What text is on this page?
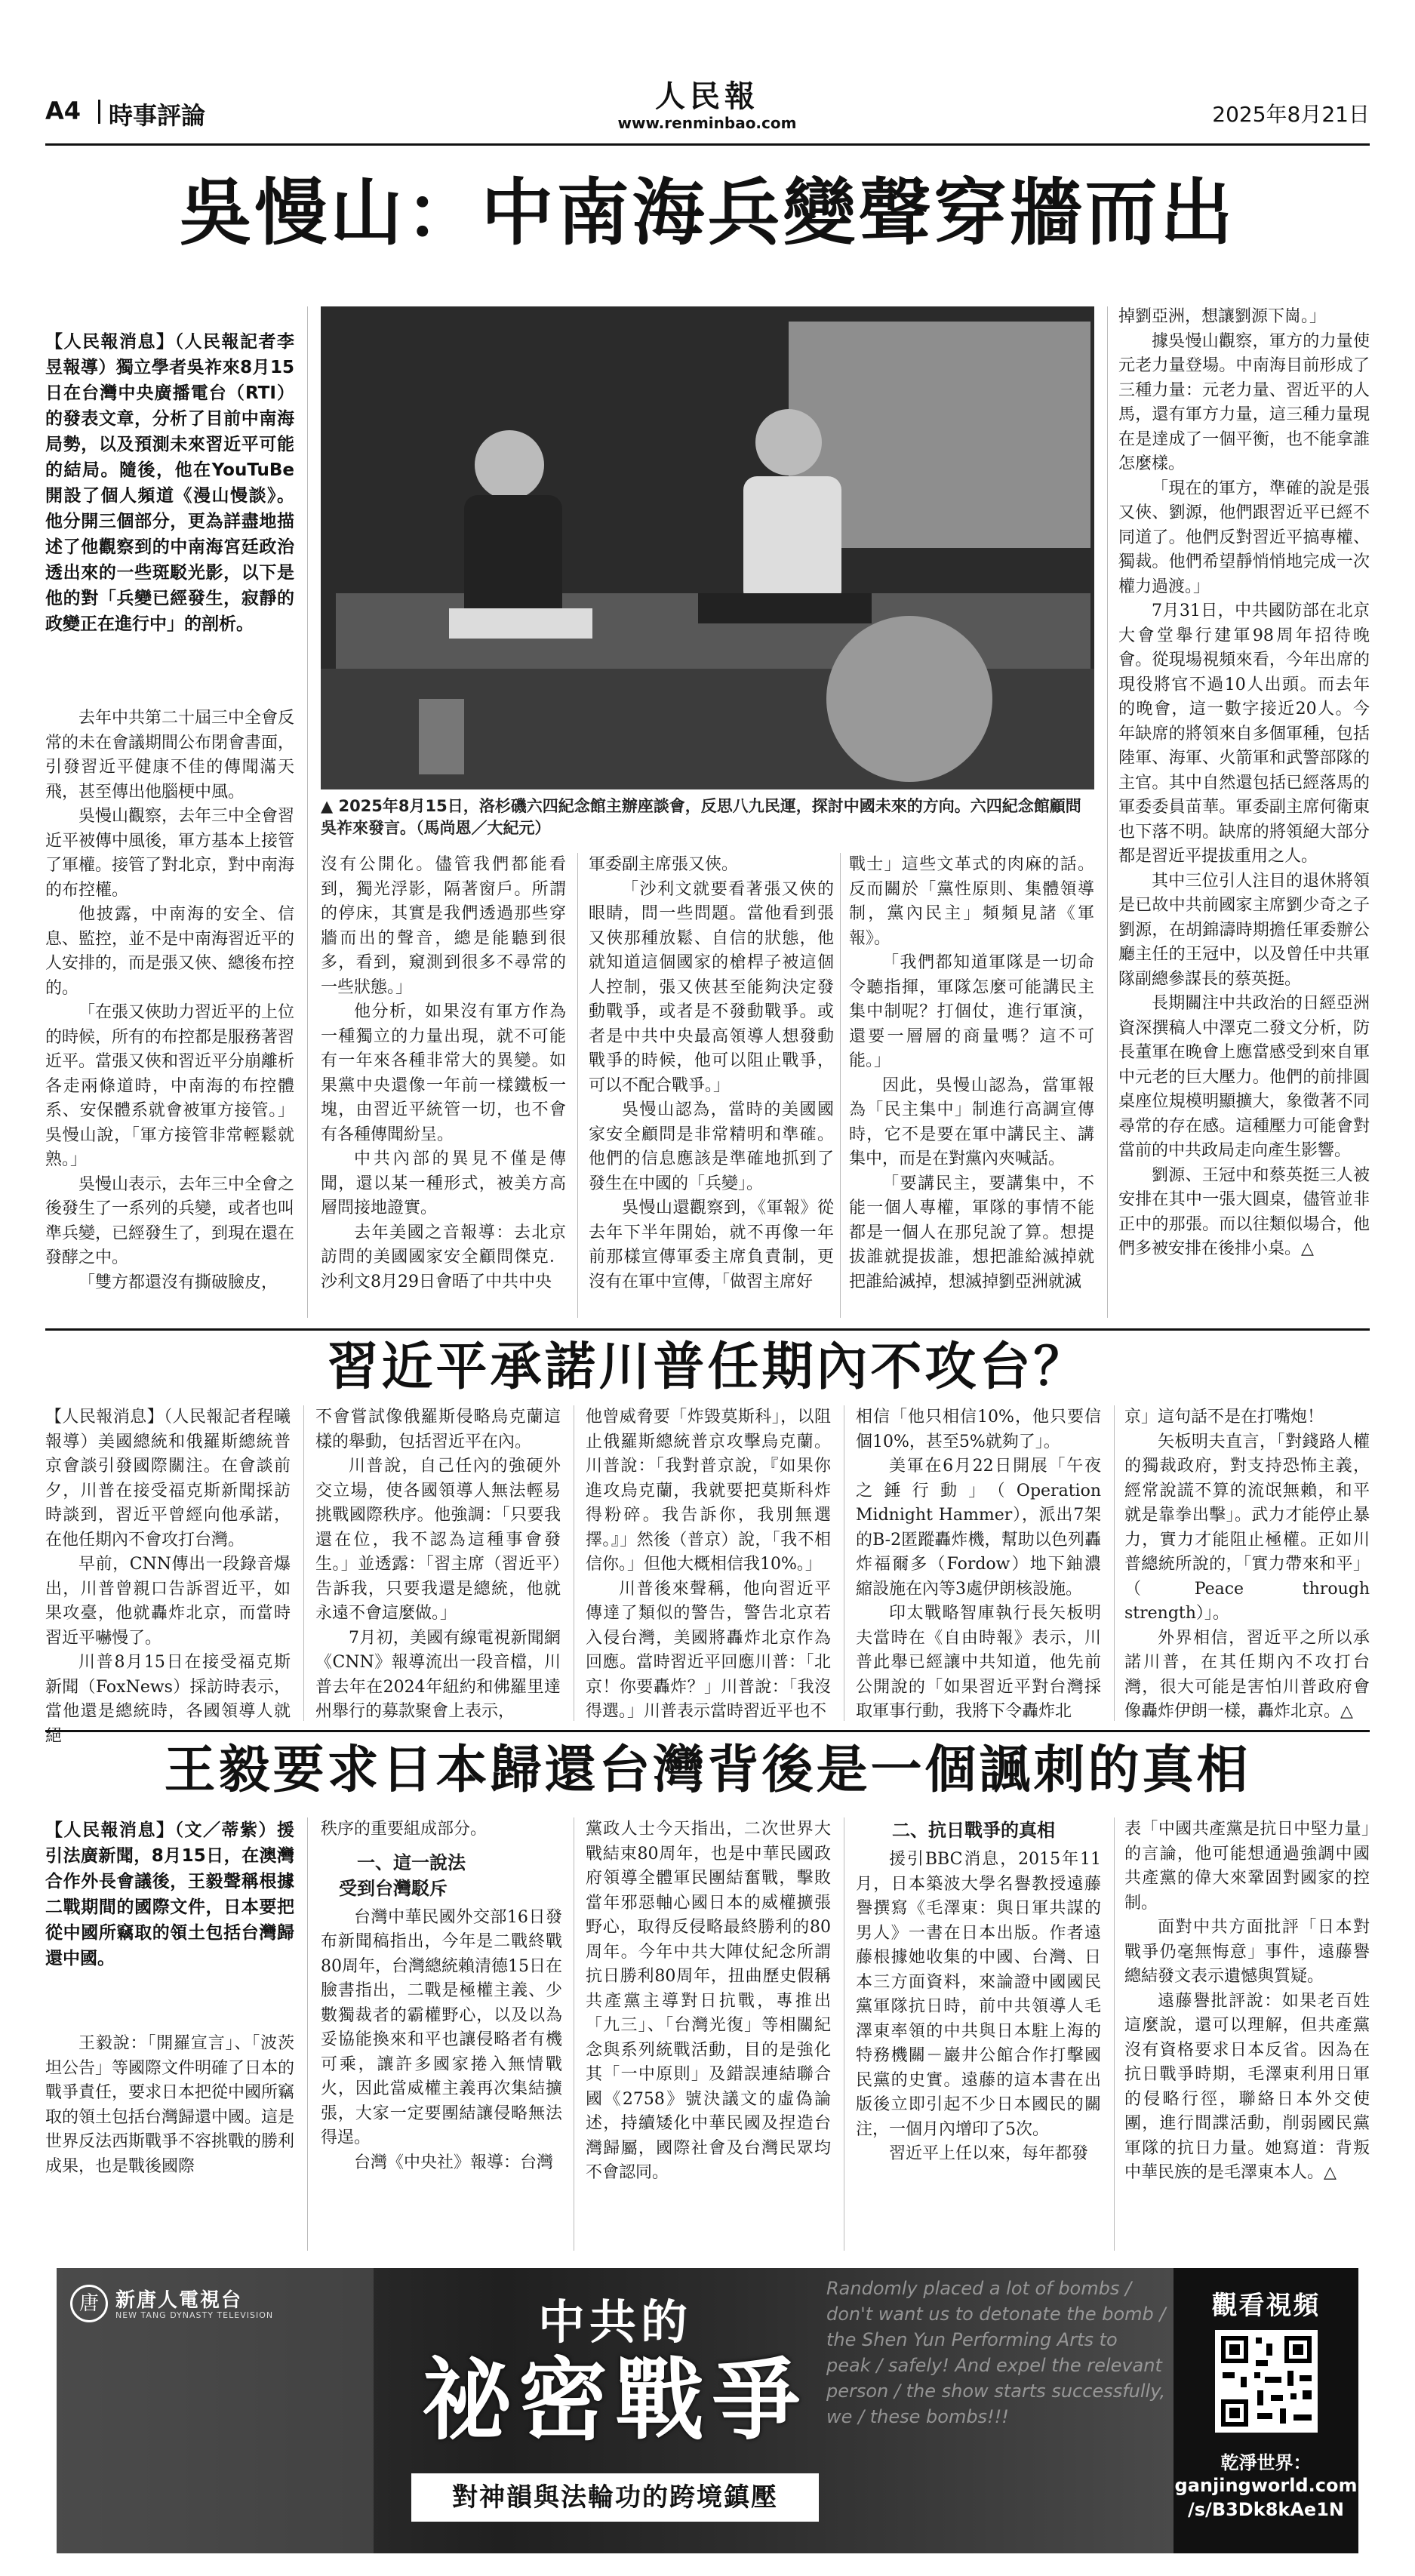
A4 時事評論
人民報
www.renminbao.com	2025年8月21日
吳慢山：中南海兵變聲穿牆而出
【人民報消息】（人民報記者李昱報導）獨立學者吳祚來8月15日在台灣中央廣播電台（RTI）的發表文章，分析了目前中南海局勢，以及預測未來習近平可能的結局。隨後，他在YouTuBe開設了個人頻道《漫山慢談》。他分開三個部分，更為詳盡地描述了他觀察到的中南海宮廷政治透出來的一些斑駁光影，以下是他的對「兵變已經發生，寂靜的政變正在進行中」的剖析。
▲ 2025年8月15日，洛杉磯六四紀念館主辦座談會，反思八九民運，探討中國未來的方向。六四紀念館顧問吳祚來發言。（馬尚恩／大紀元）

去年中共第二十屆三中全會反常的未在會議期間公布閉會書面，引發習近平健康不佳的傳聞滿天飛，甚至傳出他腦梗中風。

吳慢山觀察，去年三中全會習近平被傳中風後，軍方基本上接管了軍權。接管了對北京，對中南海的布控權。

他披露，中南海的安全、信息、監控，並不是中南海習近平的人安排的，而是張又俠、總後布控的。

「在張又俠助力習近平的上位的時候，所有的布控都是服務著習近平。當張又俠和習近平分崩離析各走兩條道時，中南海的布控體系、安保體系就會被軍方接管。」吳慢山說，「軍方接管非常輕鬆就熟。」

吳慢山表示，去年三中全會之後發生了一系列的兵變，或者也叫準兵變，已經發生了，到現在還在發酵之中。

「雙方都還沒有撕破臉皮，

沒有公開化。儘管我們都能看到，獨光浮影，隔著窗戶。所謂的停床，其實是我們透過那些穿牆而出的聲音，總是能聽到很多，看到，窺測到很多不尋常的一些狀態。」

他分析，如果沒有軍方作為一種獨立的力量出現，就不可能有一年來各種非常大的異變。如果黨中央還像一年前一樣鐵板一塊，由習近平統管一切，也不會有各種傳聞紛呈。

中共內部的異見不僅是傳聞，還以某一種形式，被美方高層問接地證實。

去年美國之音報導：去北京訪問的美國國家安全顧問傑克．沙利文8月29日會晤了中共中央

軍委副主席張又俠。

「沙利文就要看著張又俠的眼睛，問一些問題。當他看到張又俠那種放鬆、自信的狀態，他就知道這個國家的槍桿子被這個人控制，張又俠甚至能夠決定發動戰爭，或者是不發動戰爭。或者是中共中央最高領導人想發動戰爭的時候，他可以阻止戰爭，可以不配合戰爭。」

吳慢山認為，當時的美國國家安全顧問是非常精明和準確。他們的信息應該是準確地抓到了發生在中國的「兵變」。

吳慢山還觀察到，《軍報》從去年下半年開始，就不再像一年前那樣宣傳軍委主席負責制，更沒有在軍中宣傳，「做習主席好

戰士」這些文革式的肉麻的話。反而關於「黨性原則、集體領導制，黨內民主」頻頻見諸《軍報》。

「我們都知道軍隊是一切命令聽指揮，軍隊怎麼可能講民主集中制呢？打個仗，進行軍演，還要一層層的商量嗎？這不可能。」

因此，吳慢山認為，當軍報為「民主集中」制進行高調宣傳時，它不是要在軍中講民主、講集中，而是在對黨內夾喊話。

「要講民主，要講集中，不能一個人專權，軍隊的事情不能都是一個人在那兒說了算。想提拔誰就提拔誰，想把誰給滅掉就把誰給滅掉，想滅掉劉亞洲就滅

掉劉亞洲，想讓劉源下崗。」

據吳慢山觀察，軍方的力量使元老力量登場。中南海目前形成了三種力量：元老力量、習近平的人馬，還有軍方力量，這三種力量現在是達成了一個平衡，也不能拿誰怎麼樣。

「現在的軍方，準確的說是張又俠、劉源，他們跟習近平已經不同道了。他們反對習近平搞專權、獨裁。他們希望靜悄悄地完成一次權力過渡。」

7月31日，中共國防部在北京大會堂舉行建軍98周年招待晚會。從現場視頻來看，今年出席的現役將官不過10人出頭。而去年的晚會，這一數字接近20人。今年缺席的將領來自多個軍種，包括陸軍、海軍、火箭軍和武警部隊的主官。其中自然還包括已經落馬的軍委委員苗華。軍委副主席何衛東也下落不明。缺席的將領絕大部分都是習近平提拔重用之人。

其中三位引人注目的退休將領是已故中共前國家主席劉少奇之子劉源，在胡錦濤時期擔任軍委辦公廳主任的王冠中，以及曾任中共軍隊副總參謀長的蔡英挺。

長期關注中共政治的日經亞洲資深撰稿人中澤克二發文分析，防長董軍在晚會上應當感受到來自軍中元老的巨大壓力。他們的前排圓桌座位規模明顯擴大，象徵著不同尋常的存在感。這種壓力可能會對當前的中共政局走向產生影響。

劉源、王冠中和蔡英挺三人被安排在其中一張大圓桌，儘管並非正中的那張。而以往類似場合，他們多被安排在後排小桌。△

習近平承諾川普任期內不攻台？

【人民報消息】（人民報記者程曦報導）美國總統和俄羅斯總統普京會談引發國際關注。在會談前夕，川普在接受福克斯新聞採訪時談到，習近平曾經向他承諾，在他任期內不會攻打台灣。

早前，CNN傳出一段錄音爆出，川普曾親口告訴習近平，如果攻臺，他就轟炸北京，而當時習近平嚇慢了。

川普8月15日在接受福克斯新聞（FoxNews）採訪時表示，當他還是總統時，各國領導人就絕

不會嘗試像俄羅斯侵略烏克蘭這樣的舉動，包括習近平在內。

川普說，自己任內的強硬外交立場，使各國領導人無法輕易挑戰國際秩序。他強調：「只要我還在位，我不認為這種事會發生。」並透露：「習主席（習近平）告訴我，只要我還是總統，他就永遠不會這麼做。」

7月初，美國有線電視新聞網《CNN》報導流出一段音檔，川普去年在2024年紐約和佛羅里達州舉行的募款聚會上表示，

他曾威脅要「炸毀莫斯科」，以阻止俄羅斯總統普京攻擊烏克蘭。川普說：「我對普京說，『如果你進攻烏克蘭，我就要把莫斯科炸得粉碎。我告訴你，我別無選擇。』」然後（普京）說，「我不相信你。」但他大概相信我10%。」

川普後來聲稱，他向習近平傳達了類似的警告，警告北京若入侵台灣，美國將轟炸北京作為回應。當時習近平回應川普：「北京！你要轟炸？」川普說：「我沒得選。」川普表示當時習近平也不

相信「他只相信10%，他只要信個10%，甚至5%就夠了」。

美軍在6月22日開展「午夜之錘行動」（Operation Midnight Hammer），派出7架的B-2匿蹤轟炸機，幫助以色列轟炸福爾多（Fordow）地下鈾濃縮設施在內等3處伊朗核設施。

印太戰略智庫執行長矢板明夫當時在《自由時報》表示，川普此舉已經讓中共知道，他先前公開說的「如果習近平對台灣採取軍事行動，我將下令轟炸北

京」這句話不是在打嘴炮！

矢板明夫直言，「對錢路人權的獨裁政府，對支持恐怖主義，經常說謊不算的流氓無賴，和平就是靠拳出擊」。武力才能停止暴力，實力才能阻止極權。正如川普總統所說的，「實力帶來和平」（Peace through strength）」。

外界相信，習近平之所以承諾川普，在其任期內不攻打台灣，很大可能是害怕川普政府會像轟炸伊朗一樣，轟炸北京。△

王毅要求日本歸還台灣背後是一個諷刺的真相
【人民報消息】（文／蒂紫）援引法廣新聞，8月15日，在澳灣合作外長會議後，王毅聲稱根據二戰期間的國際文件，日本要把從中國所竊取的領土包括台灣歸還中國。

王毅說：「開羅宣言」、「波茨坦公告」等國際文件明確了日本的戰爭責任，要求日本把從中國所竊取的領土包括台灣歸還中國。這是世界反法西斯戰爭不容挑戰的勝利成果，也是戰後國際

秩序的重要組成部分。

一、這一說法
　受到台灣駁斥

台灣中華民國外交部16日發布新聞稿指出，今年是二戰終戰80周年，台灣總統賴清德15日在臉書指出，二戰是極權主義、少數獨裁者的霸權野心，以及以為妥協能換來和平也讓侵略者有機可乘，讓許多國家捲入無情戰火，因此當威權主義再次集結擴張，大家一定要團結讓侵略無法得逞。

台灣《中央社》報導：台灣

黨政人士今天指出，二次世界大戰結束80周年，也是中華民國政府領導全體軍民團結奮戰，擊敗當年邪惡軸心國日本的威權擴張野心，取得反侵略最終勝利的80周年。今年中共大陣仗紀念所謂抗日勝利80周年，扭曲歷史假稱共產黨主導對日抗戰，專推出「九三」、「台灣光復」等相關紀念與系列統戰活動，目的是強化其「一中原則」及錯誤連結聯合國《2758》號決議文的虛偽論述，持續矮化中華民國及捏造台灣歸屬，國際社會及台灣民眾均不會認同。

二、抗日戰爭的真相

援引BBC消息，2015年11月，日本築波大學名譽教授遠藤譽撰寫《毛澤東：與日軍共謀的男人》一書在日本出版。作者遠藤根據她收集的中國、台灣、日本三方面資料，來論證中國國民黨軍隊抗日時，前中共領導人毛澤東率領的中共與日本駐上海的特務機關－巖井公館合作打擊國民黨的史實。遠藤的這本書在出版後立即引起不少日本國民的關注，一個月內增印了5次。

習近平上任以來，每年都發

表「中國共產黨是抗日中堅力量」的言論，他可能想通過強調中國共產黨的偉大來鞏固對國家的控制。

面對中共方面批評「日本對戰爭仍毫無悔意」事件，遠藤譽總結發文表示遺憾與質疑。

遠藤譽批評說：如果老百姓這麼說，還可以理解，但共產黨沒有資格要求日本反省。因為在抗日戰爭時期，毛澤東利用日軍的侵略行徑，聯絡日本外交使團，進行間諜活動，削弱國民黨軍隊的抗日力量。她寫道：背叛中華民族的是毛澤東本人。△

唐 新唐人電視台
NEW TANG DYNASTY TELEVISION
Randomly placed a lot of bombs / don't want us to detonate the bomb / the Shen Yun Performing Arts to peak / safely! And expel the relevant person / the show starts successfully, we / these bombs!!!
中共的
祕密戰爭
對神韻與法輪功的跨境鎮壓
觀看視頻
乾淨世界：
ganjingworld.com
/s/B3Dk8kAe1N
